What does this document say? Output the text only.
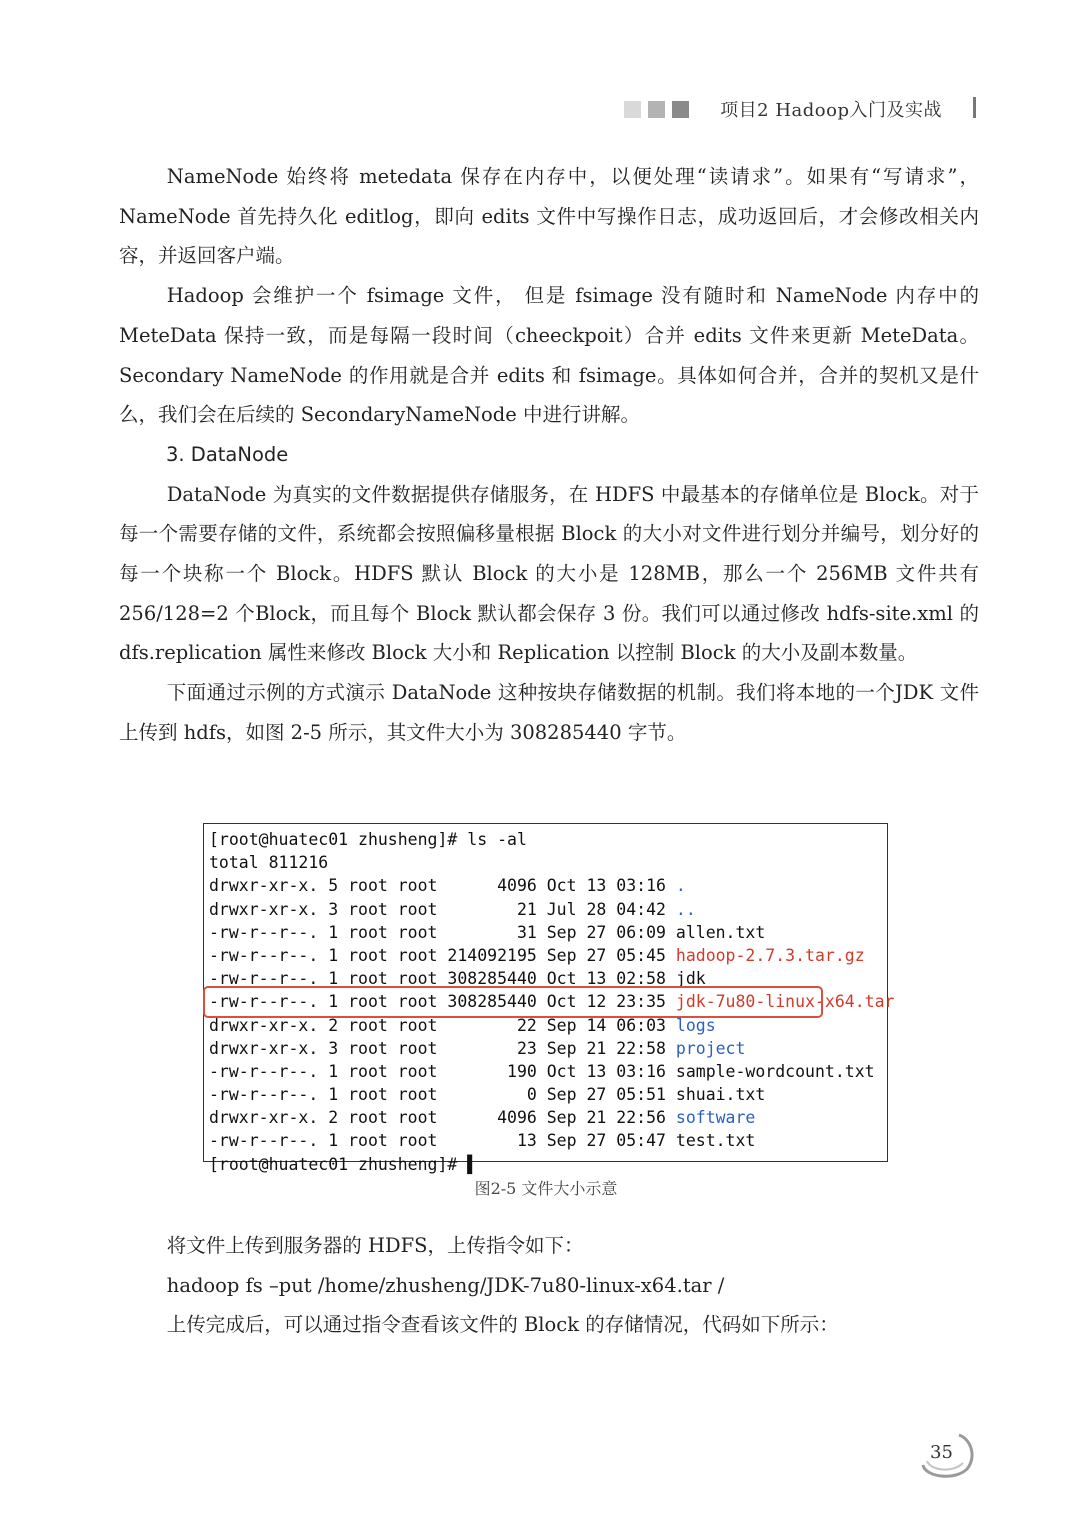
项目2 Hadoop入门及实战

NameNode 始终将 metedata 保存在内存中，以便处理“读请求”。如果有“写请求”，NameNode 首先持久化 editlog，即向 edits 文件中写操作日志，成功返回后，才会修改相关内容，并返回客户端。

Hadoop 会维护一个 fsimage 文件， 但是 fsimage 没有随时和 NameNode 内存中的 MeteData 保持一致，而是每隔一段时间（cheeckpoit）合并 edits 文件来更新 MeteData。Secondary NameNode 的作用就是合并 edits 和 fsimage。具体如何合并，合并的契机又是什么，我们会在后续的 SecondaryNameNode 中进行讲解。

3. DataNode

DataNode 为真实的文件数据提供存储服务，在 HDFS 中最基本的存储单位是 Block。对于每一个需要存储的文件，系统都会按照偏移量根据 Block 的大小对文件进行划分并编号，划分好的每一个块称一个 Block。HDFS 默认 Block 的大小是 128MB，那么一个 256MB 文件共有 256/128=2 个Block，而且每个 Block 默认都会保存 3 份。我们可以通过修改 hdfs-site.xml 的 dfs.replication 属性来修改 Block 大小和 Replication 以控制 Block 的大小及副本数量。

下面通过示例的方式演示 DataNode 这种按块存储数据的机制。我们将本地的一个JDK 文件上传到 hdfs，如图 2-5 所示，其文件大小为 308285440 字节。

[root@huatec01 zhusheng]# ls -al
total 811216
drwxr-xr-x. 5 root root      4096 Oct 13 03:16 .
drwxr-xr-x. 3 root root        21 Jul 28 04:42 ..
-rw-r--r--. 1 root root        31 Sep 27 06:09 allen.txt
-rw-r--r--. 1 root root 214092195 Sep 27 05:45 hadoop-2.7.3.tar.gz
-rw-r--r--. 1 root root 308285440 Oct 13 02:58 jdk
-rw-r--r--. 1 root root 308285440 Oct 12 23:35 jdk-7u80-linux-x64.tar
drwxr-xr-x. 2 root root        22 Sep 14 06:03 logs
drwxr-xr-x. 3 root root        23 Sep 21 22:58 project
-rw-r--r--. 1 root root       190 Oct 13 03:16 sample-wordcount.txt
-rw-r--r--. 1 root root         0 Sep 27 05:51 shuai.txt
drwxr-xr-x. 2 root root      4096 Sep 21 22:56 software
-rw-r--r--. 1 root root        13 Sep 27 05:47 test.txt
[root@huatec01 zhusheng]# ▌
图2-5 文件大小示意

将文件上传到服务器的 HDFS，上传指令如下：

hadoop fs –put /home/zhusheng/JDK-7u80-linux-x64.tar /

上传完成后，可以通过指令查看该文件的 Block 的存储情况，代码如下所示：

35
